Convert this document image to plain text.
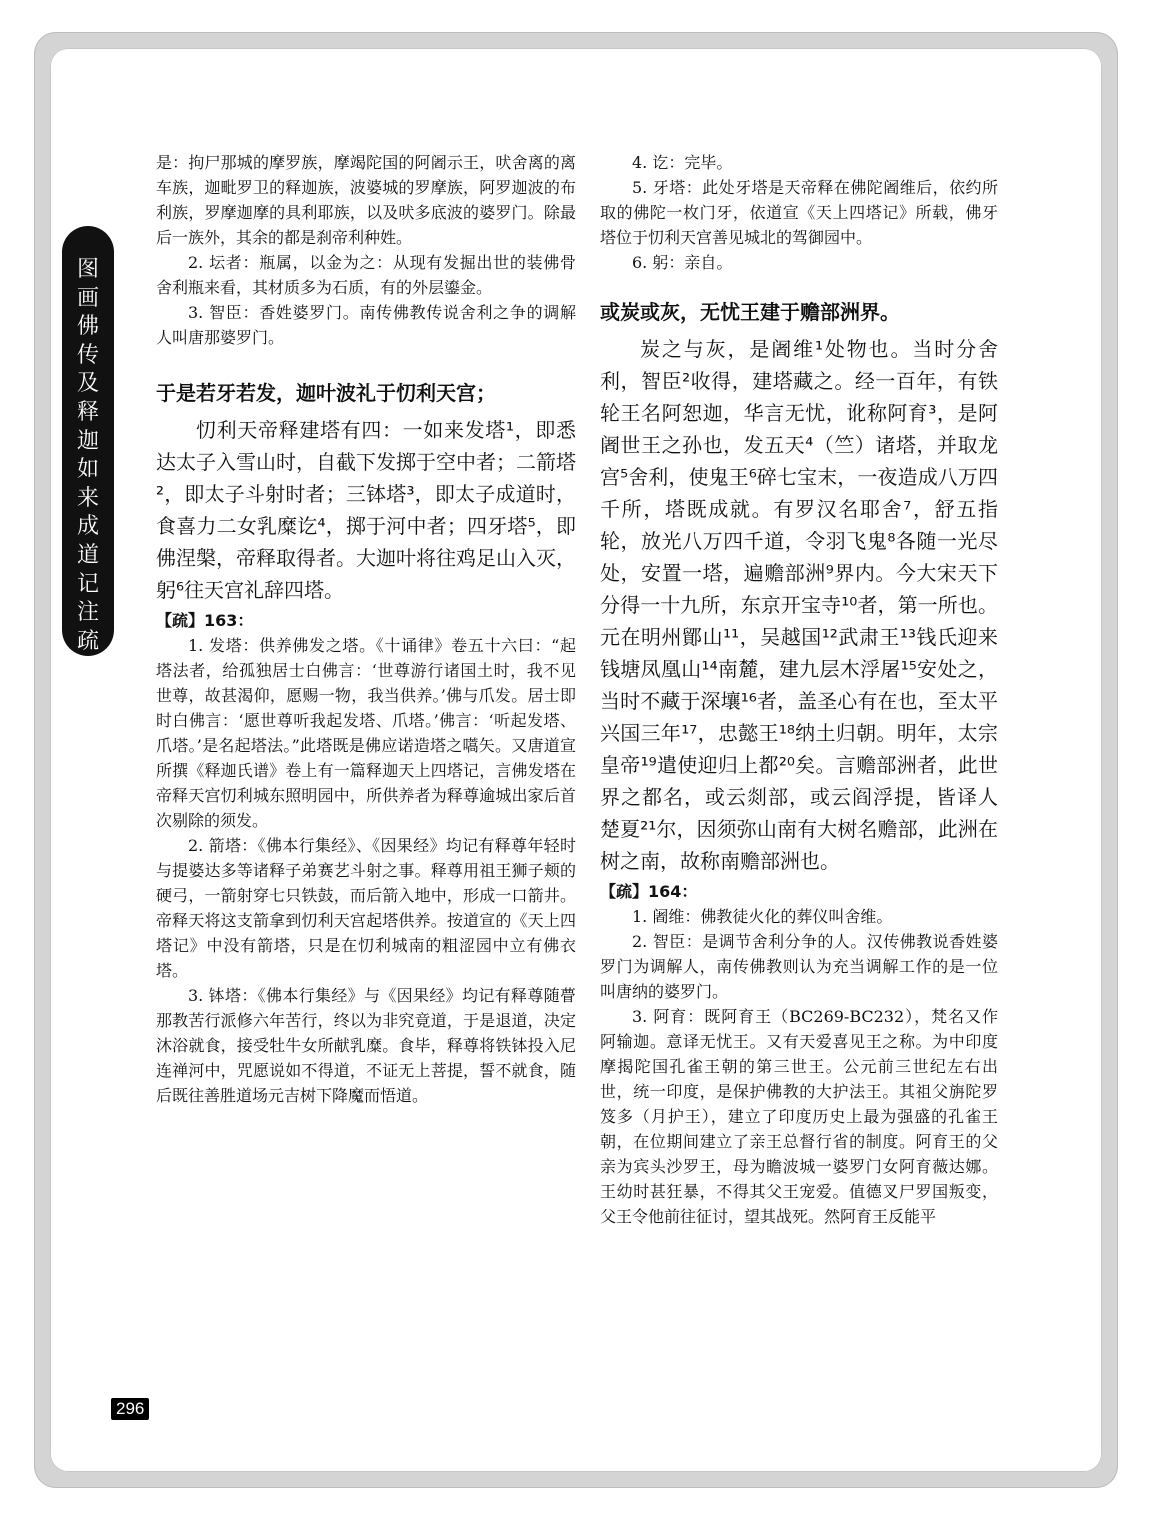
图画佛传及释迦如来成道记注疏

是：拘尸那城的摩罗族，摩竭陀国的阿阇示王，吠舍离的离车族，迦毗罗卫的释迦族，波婆城的罗摩族，阿罗迦波的布利族，罗摩迦摩的具利耶族，以及吠多底波的婆罗门。除最后一族外，其余的都是刹帝利种姓。

2. 坛者：瓶属，以金为之：从现有发掘出世的装佛骨舍利瓶来看，其材质多为石质，有的外层鎏金。

3. 智臣：香姓婆罗门。南传佛教传说舍利之争的调解人叫唐那婆罗门。

于是若牙若发，迦叶波礼于忉利天宫；

忉利天帝释建塔有四：一如来发塔¹，即悉达太子入雪山时，自截下发掷于空中者；二箭塔²，即太子斗射时者；三钵塔³，即太子成道时，食喜力二女乳糜讫⁴，掷于河中者；四牙塔⁵，即佛涅槃，帝释取得者。大迦叶将往鸡足山入灭，躬⁶往天宫礼辞四塔。

【疏】163：

1. 发塔：供养佛发之塔。《十诵律》卷五十六曰：“起塔法者，给孤独居士白佛言：‘世尊游行诸国土时，我不见世尊，故甚渴仰，愿赐一物，我当供养。’佛与爪发。居士即时白佛言：‘愿世尊听我起发塔、爪塔。’佛言：‘听起发塔、爪塔。’是名起塔法。”此塔既是佛应诺造塔之嚆矢。又唐道宣所撰《释迦氏谱》卷上有一篇释迦天上四塔记，言佛发塔在帝释天宫忉利城东照明园中，所供养者为释尊逾城出家后首次剔除的须发。

2. 箭塔：《佛本行集经》、《因果经》均记有释尊年轻时与提婆达多等诸释子弟赛艺斗射之事。释尊用祖王狮子颊的硬弓，一箭射穿七只铁鼓，而后箭入地中，形成一口箭井。帝释天将这支箭拿到忉利天宫起塔供养。按道宣的《天上四塔记》中没有箭塔，只是在忉利城南的粗涩园中立有佛衣塔。

3. 钵塔：《佛本行集经》与《因果经》均记有释尊随瞢那教苦行派修六年苦行，终以为非究竟道，于是退道，决定沐浴就食，接受牡牛女所献乳糜。食毕，释尊将铁钵投入尼连禅河中，咒愿说如不得道，不证无上菩提，誓不就食，随后既往善胜道场元吉树下降魔而悟道。

4. 讫：完毕。

5. 牙塔：此处牙塔是天帝释在佛陀阇维后，依约所取的佛陀一枚门牙，依道宣《天上四塔记》所载，佛牙塔位于忉利天宫善见城北的驾御园中。

6. 躬：亲自。

或炭或灰，无忧王建于赡部洲界。

炭之与灰，是阇维¹处物也。当时分舍利，智臣²收得，建塔藏之。经一百年，有铁轮王名阿恕迦，华言无忧，讹称阿育³，是阿阇世王之孙也，发五天⁴（竺）诸塔，并取龙宫⁵舍利，使鬼王⁶碎七宝末，一夜造成八万四千所，塔既成就。有罗汉名耶舍⁷，舒五指轮，放光八万四千道，令羽飞鬼⁸各随一光尽处，安置一塔，遍赡部洲⁹界内。今大宋天下分得一十九所，东京开宝寺¹⁰者，第一所也。元在明州鄮山¹¹，吴越国¹²武肃王¹³钱氏迎来钱塘凤凰山¹⁴南麓，建九层木浮屠¹⁵安处之，当时不藏于深壤¹⁶者，盖圣心有在也，至太平兴国三年¹⁷，忠懿王¹⁸纳土归朝。明年，太宗皇帝¹⁹遣使迎归上都²⁰矣。言赡部洲者，此世界之都名，或云剡部，或云阎浮提，皆译人楚夏²¹尔，因须弥山南有大树名赡部，此洲在树之南，故称南赡部洲也。

【疏】164：

1. 阇维：佛教徒火化的葬仪叫舍维。

2. 智臣：是调节舍利分争的人。汉传佛教说香姓婆罗门为调解人，南传佛教则认为充当调解工作的是一位叫唐纳的婆罗门。

3. 阿育：既阿育王（BC269-BC232），梵名又作阿输迦。意译无忧王。又有天爱喜见王之称。为中印度摩揭陀国孔雀王朝的第三世王。公元前三世纪左右出世，统一印度，是保护佛教的大护法王。其祖父旃陀罗笈多（月护王），建立了印度历史上最为强盛的孔雀王朝，在位期间建立了亲王总督行省的制度。阿育王的父亲为宾头沙罗王，母为瞻波城一婆罗门女阿育薇达娜。王幼时甚狂暴，不得其父王宠爱。值德叉尸罗国叛变，父王令他前往征讨，望其战死。然阿育王反能平

296
